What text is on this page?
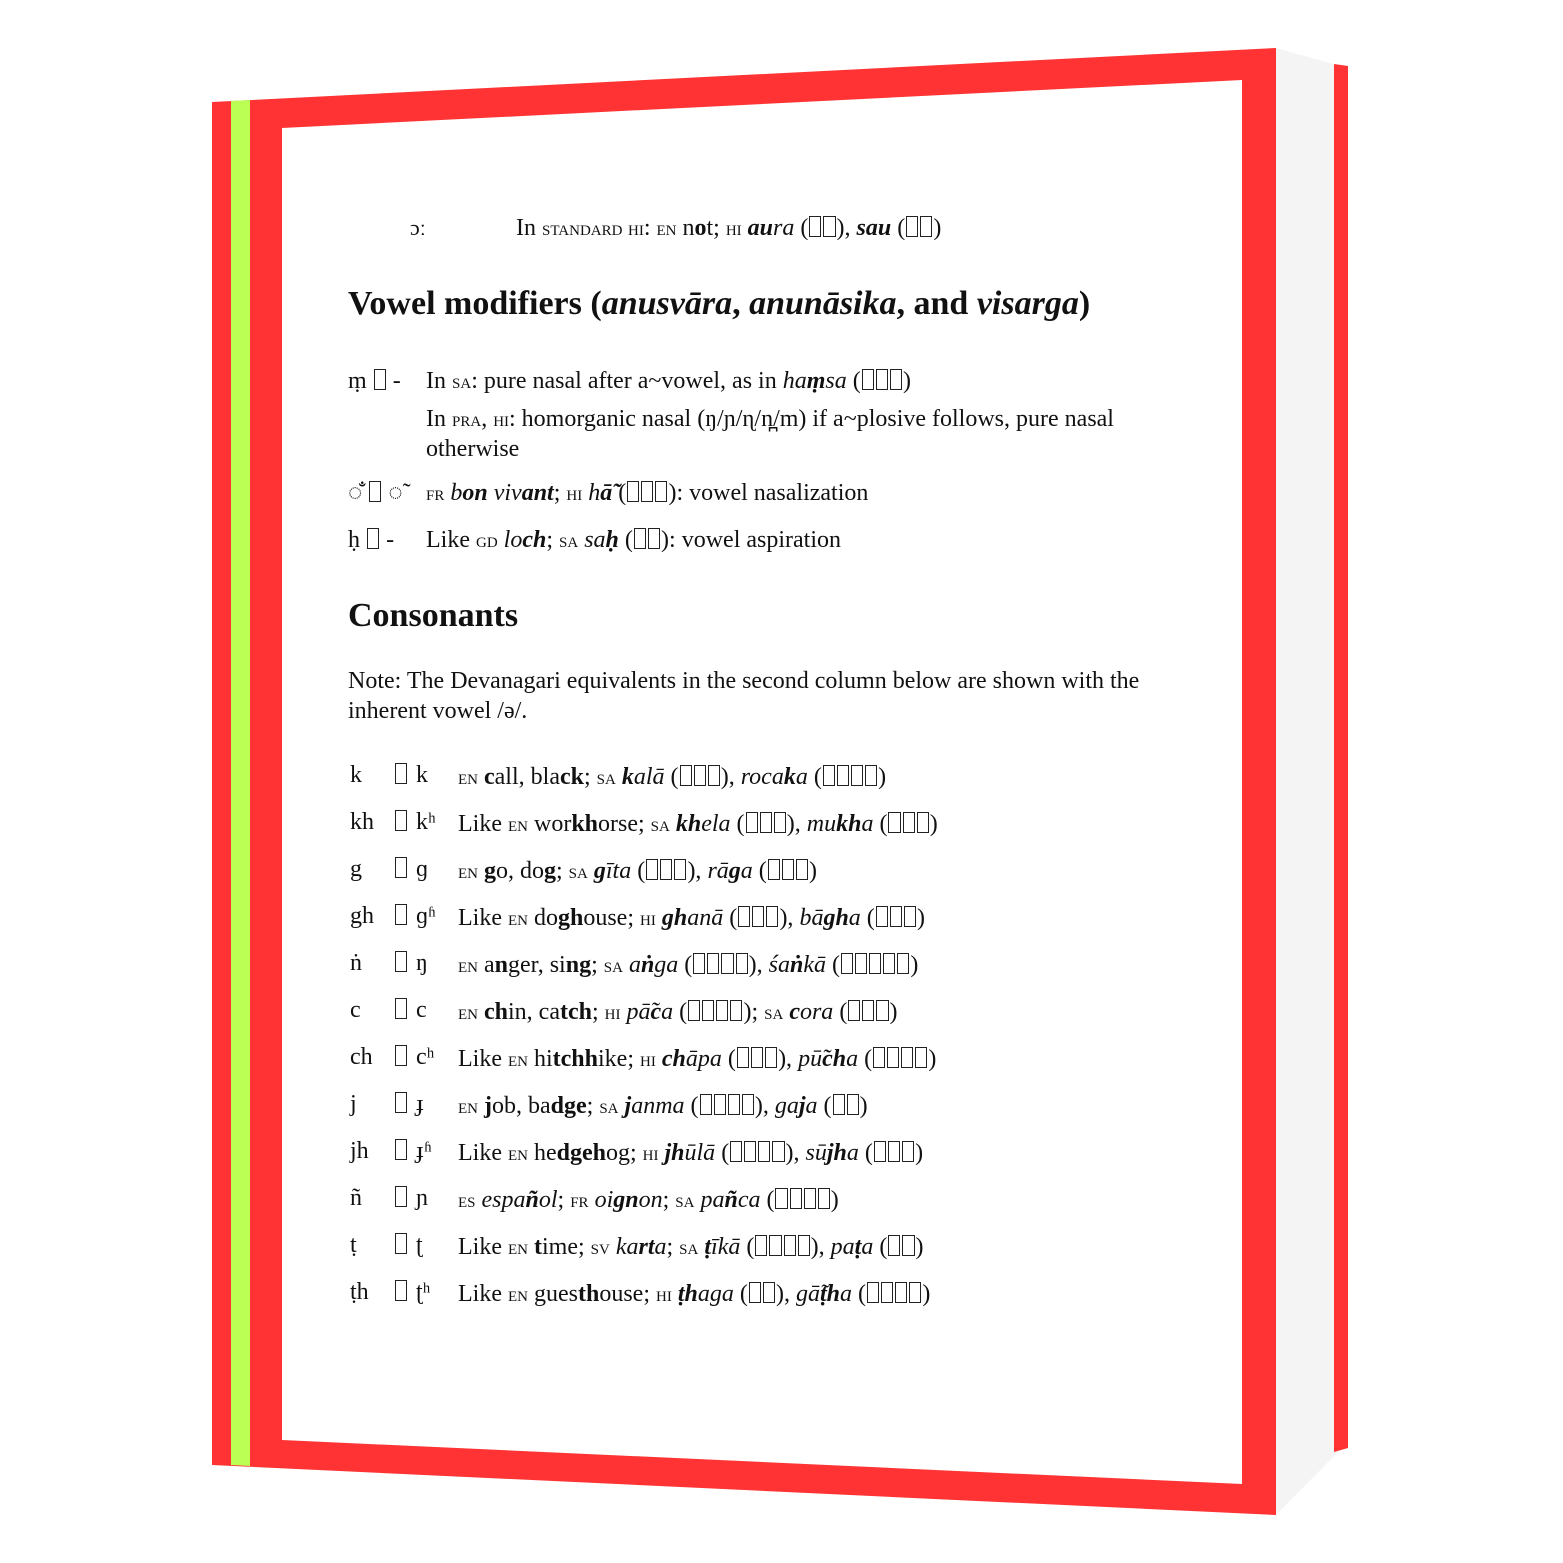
ɔː	In standard hi: en not; hi aura ( ), sau ( )
Vowel modifiers (anusvāra, anunāsika, and visarga)
ṃ  -	In sa: pure nasal after a~vowel, as in haṃsa ( )
In pra, hi: homorganic nasal (ŋ/ɲ/ɳ/n̪/m) if a~plosive follows, pure nasal otherwise
◌̐  ◌̃	fr bon vivant; hi hā̃ ( ): vowel nasalization
ḥ  -	Like gd loch; sa saḥ ( ): vowel aspiration
Consonants
Note: The Devanagari equivalents in the second column below are shown with the inherent vowel /ə/.
k k en call, black; sa kalā ( ), rocaka ( )
kh kʰ Like en workhorse; sa khela ( ), mukha ( )
g ɡ en go, dog; sa gīta ( ), rāga ( )
gh ɡʱ Like en doghouse; hi ghanā ( ), bāgha ( )
ṅ ŋ en anger, sing; sa aṅga ( ), śaṅkā (	)
c c en chin, catch; hi pā̃ca ( ); sa cora ( )
ch cʰ Like en hitchhike; hi chāpa ( ), pū̃cha ( )
j ɟ en job, badge; sa janma ( ), gaja ( )
jh ɟʱ Like en hedgehog; hi jhūlā ( ), sūjha ( )
ñ ɲ es español; fr oignon; sa pañca ( )
ṭ ʈ Like en time; sv karta; sa ṭīkā ( ), paṭa ( )
ṭh ʈʰ Like en guesthouse; hi ṭhaga ( ), gā̃ṭha ( )
